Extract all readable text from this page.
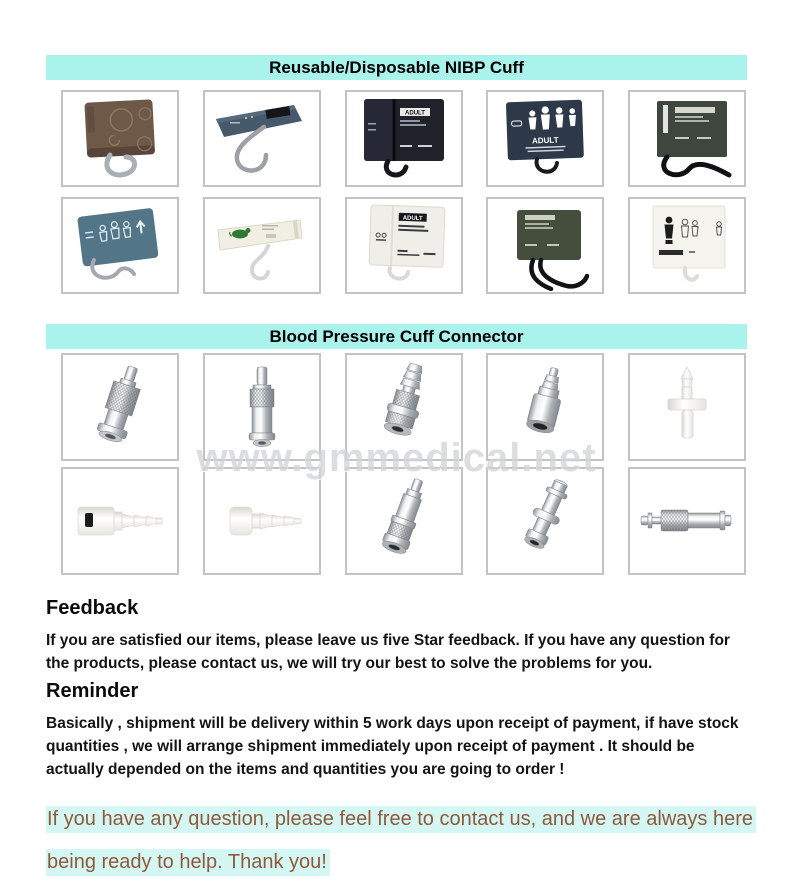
Reusable/Disposable NIBP Cuff
ADULT
ADULT
ADULT
Blood Pressure Cuff Connector
www.gmmedical.net
Feedback
If you are satisfied our items, please leave us five Star feedback. If you have any question for the products, please contact us, we will try our best to solve the problems for you.
Reminder
Basically , shipment will be delivery within 5 work days upon receipt of payment, if have stock quantities , we will arrange shipment immediately upon receipt of payment . It should be actually depended on the items and quantities you are going to order !
If you have any question, please feel free to contact us, and we are always here
being ready to help. Thank you!
